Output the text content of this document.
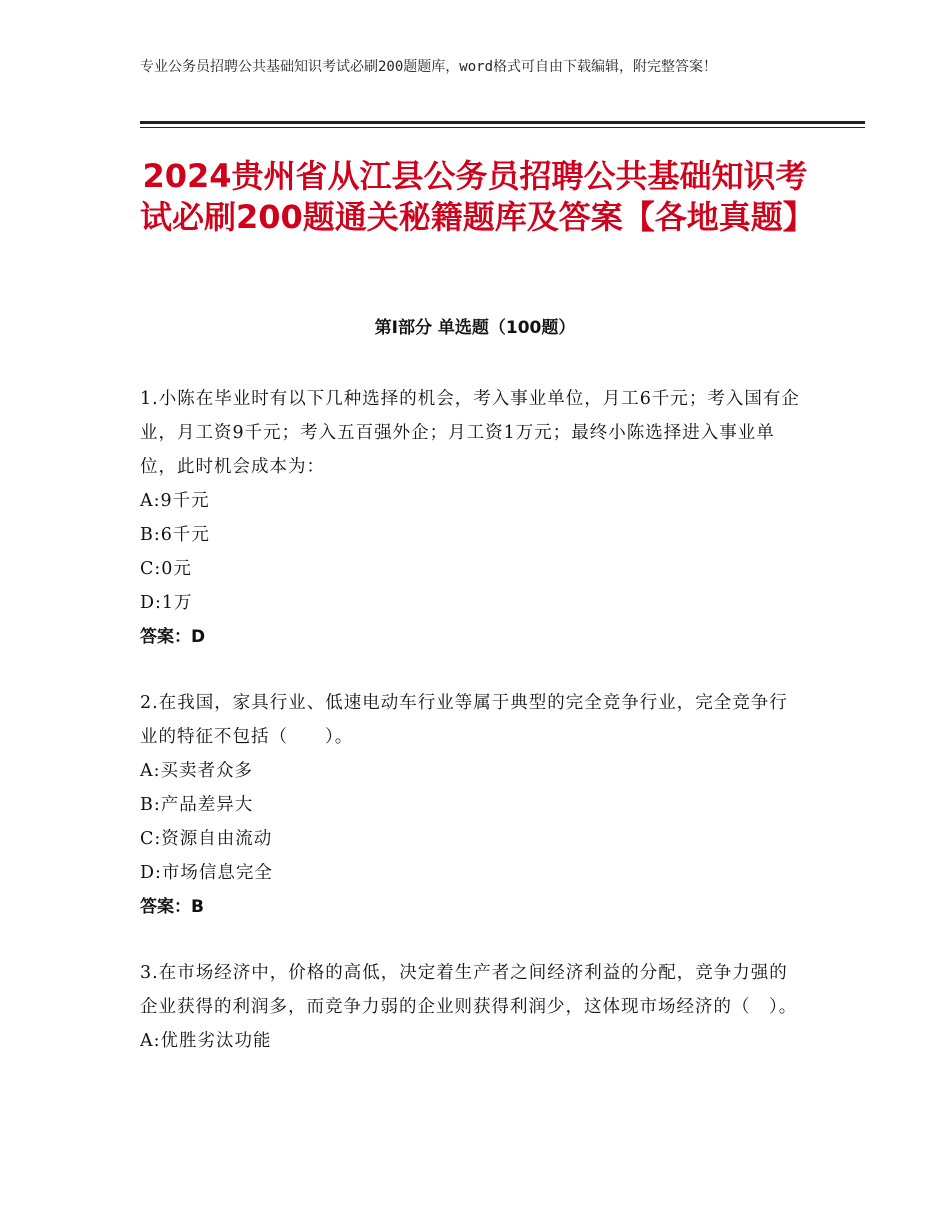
专业公务员招聘公共基础知识考试必刷200题题库，word格式可自由下载编辑，附完整答案！
2024贵州省从江县公务员招聘公共基础知识考试必刷200题通关秘籍题库及答案【各地真题】
第Ⅰ部分 单选题（100题）

1.小陈在毕业时有以下几种选择的机会，考入事业单位，月工6千元；考入国有企业，月工资9千元；考入五百强外企；月工资1万元；最终小陈选择进入事业单位，此时机会成本为：

A:9千元

B:6千元

C:0元

D:1万

答案：D

2.在我国，家具行业、低速电动车行业等属于典型的完全竞争行业，完全竞争行业的特征不包括（　　）。

A:买卖者众多

B:产品差异大

C:资源自由流动

D:市场信息完全

答案：B

3.在市场经济中，价格的高低，决定着生产者之间经济利益的分配，竞争力强的企业获得的利润多，而竞争力弱的企业则获得利润少，这体现市场经济的（　）。

A:优胜劣汰功能
